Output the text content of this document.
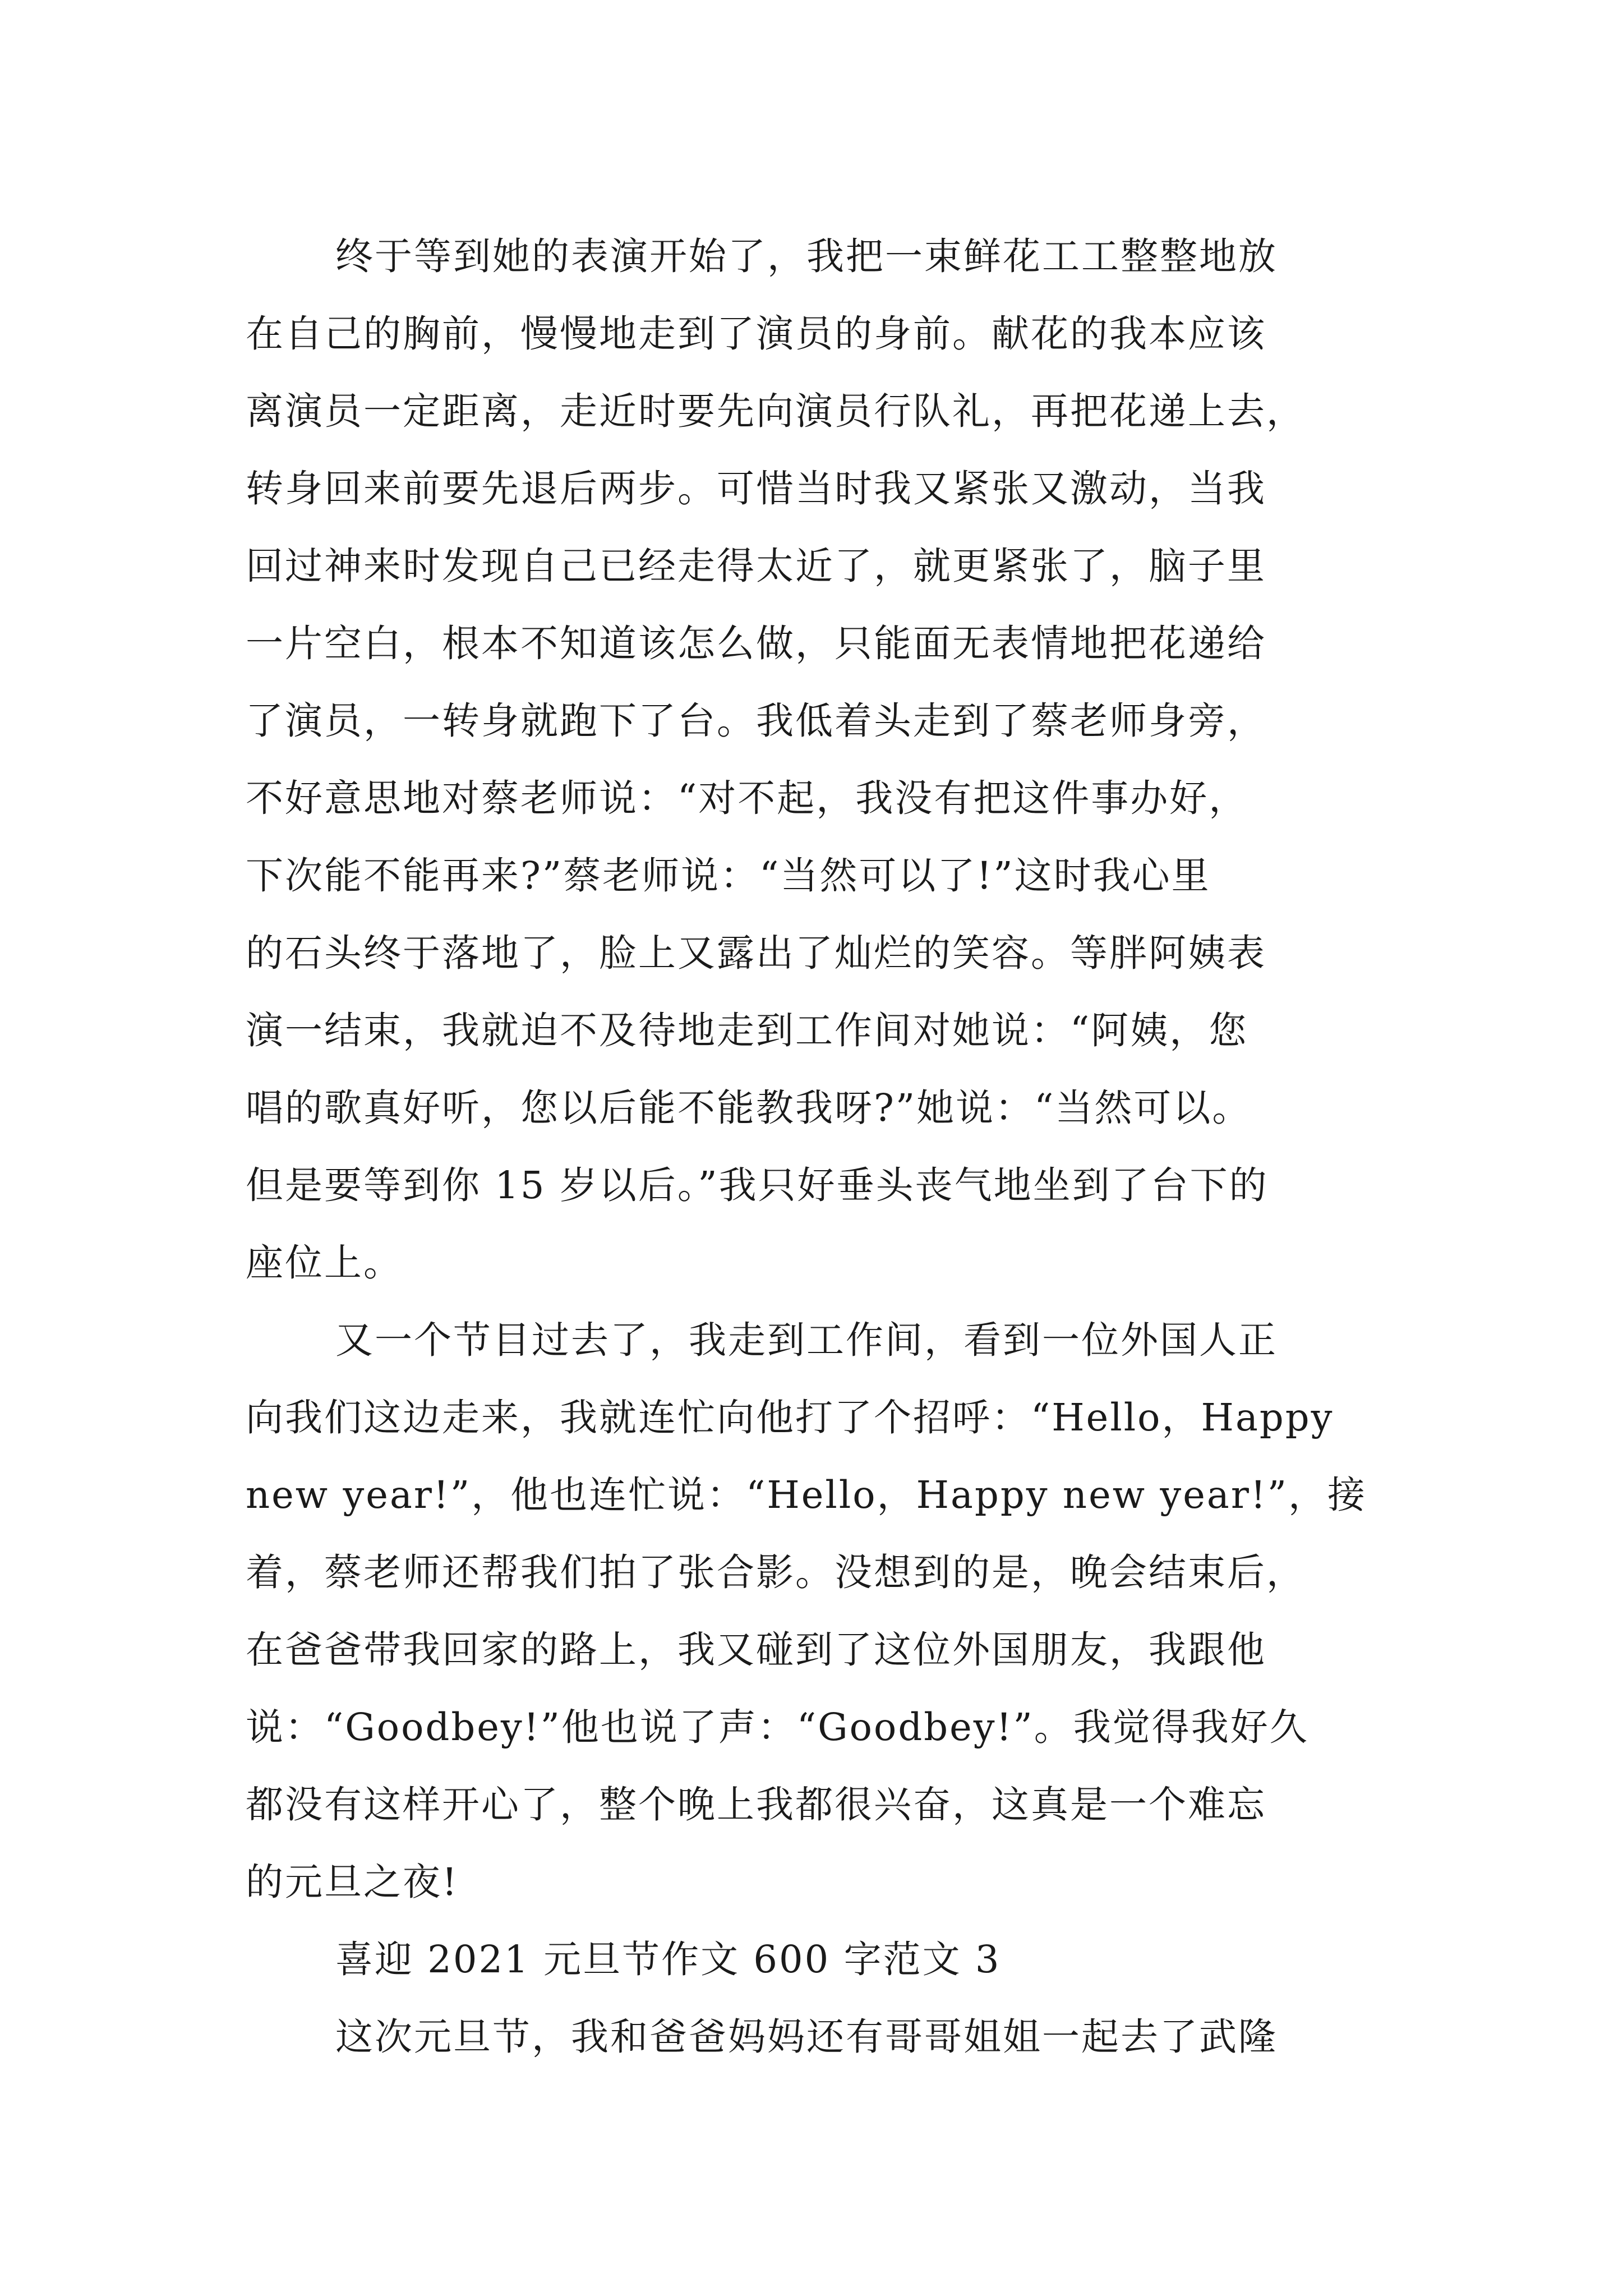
终于等到她的表演开始了，我把一束鲜花工工整整地放
在自己的胸前，慢慢地走到了演员的身前。献花的我本应该
离演员一定距离，走近时要先向演员行队礼，再把花递上去，
转身回来前要先退后两步。可惜当时我又紧张又激动，当我
回过神来时发现自己已经走得太近了，就更紧张了，脑子里
一片空白，根本不知道该怎么做，只能面无表情地把花递给
了演员，一转身就跑下了台。我低着头走到了蔡老师身旁，
不好意思地对蔡老师说：“对不起，我没有把这件事办好，
下次能不能再来?”蔡老师说：“当然可以了!”这时我心里
的石头终于落地了，脸上又露出了灿烂的笑容。等胖阿姨表
演一结束，我就迫不及待地走到工作间对她说：“阿姨，您
唱的歌真好听，您以后能不能教我呀?”她说：“当然可以。
但是要等到你 15 岁以后。”我只好垂头丧气地坐到了台下的
座位上。
又一个节目过去了，我走到工作间，看到一位外国人正
向我们这边走来，我就连忙向他打了个招呼：“Hello，Happy
new year!”，他也连忙说：“Hello，Happy new year!”，接
着，蔡老师还帮我们拍了张合影。没想到的是，晚会结束后，
在爸爸带我回家的路上，我又碰到了这位外国朋友，我跟他
说：“Goodbey!”他也说了声：“Goodbey!”。我觉得我好久
都没有这样开心了，整个晚上我都很兴奋，这真是一个难忘
的元旦之夜!
喜迎 2021 元旦节作文 600 字范文 3
这次元旦节，我和爸爸妈妈还有哥哥姐姐一起去了武隆
